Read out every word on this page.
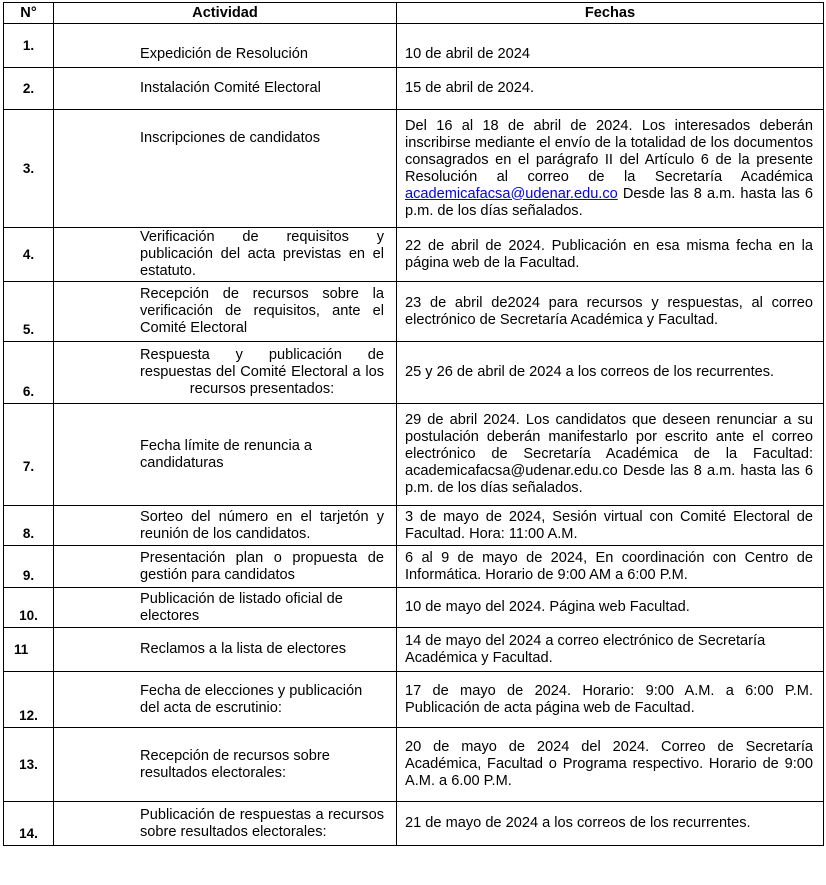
N°	Actividad	Fechas
1.	Expedición de Resolución	10 de abril de 2024
2.	Instalación Comité Electoral	15 de abril de 2024.
3.	Inscripciones de candidatos	Del 16 al 18 de abril de 2024. Los interesados deberán inscribirse mediante el envío de la totalidad de los documentos consagrados en el parágrafo II del Artículo 6 de la presente Resolución al correo de la Secretaría Académica academicafacsa@udenar.edu.co Desde las 8 a.m. hasta las 6 p.m. de los días señalados.
4.	Verificación de requisitos y publicación del acta previstas en el estatuto.	22 de abril de 2024. Publicación en esa misma fecha en la página web de la Facultad.
5.	Recepción de recursos sobre la verificación de requisitos, ante el Comité Electoral	23 de abril de2024 para recursos y respuestas, al correo electrónico de Secretaría Académica y Facultad.
6.	Respuesta y publicación de respuestas del Comité Electoral a los recursos presentados:	25 y 26 de abril de 2024 a los correos de los recurrentes.
7.	Fecha límite de renuncia a candidaturas	29 de abril 2024. Los candidatos que deseen renunciar a su postulación deberán manifestarlo por escrito ante el correo electrónico de Secretaría Académica de la Facultad: academicafacsa@udenar.edu.co Desde las 8 a.m. hasta las 6 p.m. de los días señalados.
8.	Sorteo del número en el tarjetón y reunión de los candidatos.	3 de mayo de 2024, Sesión virtual con Comité Electoral de Facultad. Hora: 11:00 A.M.
9.	Presentación plan o propuesta de gestión para candidatos	6 al 9 de mayo de 2024, En coordinación con Centro de Informática. Horario de 9:00 AM a 6:00 P.M.
10.	Publicación de listado oficial de electores	10 de mayo del 2024. Página web Facultad.
11	Reclamos a la lista de electores	14 de mayo del 2024 a correo electrónico de Secretaría Académica y Facultad.
12.	Fecha de elecciones y publicación del acta de escrutinio:	17 de mayo de 2024. Horario: 9:00 A.M. a 6:00 P.M. Publicación de acta página web de Facultad.
13.	Recepción de recursos sobre resultados electorales:	20 de mayo de 2024 del 2024. Correo de Secretaría Académica, Facultad o Programa respectivo. Horario de 9:00 A.M. a 6.00 P.M.
14.	Publicación de respuestas a recursos sobre resultados electorales:	21 de mayo de 2024 a los correos de los recurrentes.
